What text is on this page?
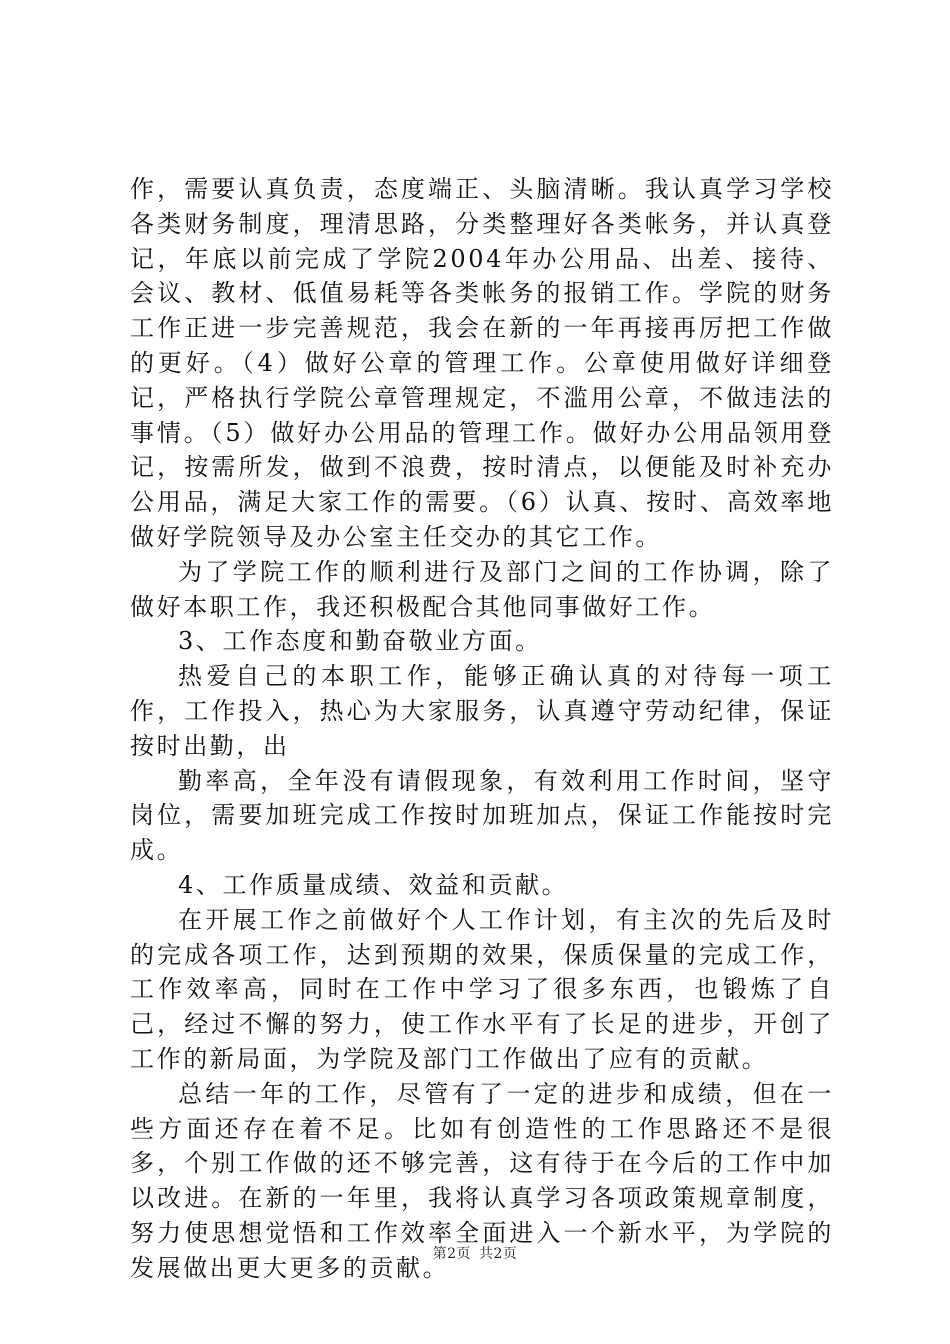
作，需要认真负责，态度端正、头脑清晰。我认真学习学校各类财务制度，理清思路，分类整理好各类帐务，并认真登记，年底以前完成了学院2004年办公用品、出差、接待、会议、教材、低值易耗等各类帐务的报销工作。学院的财务工作正进一步完善规范，我会在新的一年再接再厉把工作做的更好。（4）做好公章的管理工作。公章使用做好详细登记，严格执行学院公章管理规定，不滥用公章，不做违法的事情。（5）做好办公用品的管理工作。做好办公用品领用登记，按需所发，做到不浪费，按时清点，以便能及时补充办公用品，满足大家工作的需要。（6）认真、按时、高效率地做好学院领导及办公室主任交办的其它工作。

为了学院工作的顺利进行及部门之间的工作协调，除了做好本职工作，我还积极配合其他同事做好工作。

3、工作态度和勤奋敬业方面。

热爱自己的本职工作，能够正确认真的对待每一项工作，工作投入，热心为大家服务，认真遵守劳动纪律，保证按时出勤，出

勤率高，全年没有请假现象，有效利用工作时间，坚守岗位，需要加班完成工作按时加班加点，保证工作能按时完成。

4、工作质量成绩、效益和贡献。

在开展工作之前做好个人工作计划，有主次的先后及时的完成各项工作，达到预期的效果，保质保量的完成工作，工作效率高，同时在工作中学习了很多东西，也锻炼了自己，经过不懈的努力，使工作水平有了长足的进步，开创了工作的新局面，为学院及部门工作做出了应有的贡献。

总结一年的工作，尽管有了一定的进步和成绩，但在一些方面还存在着不足。比如有创造性的工作思路还不是很多，个别工作做的还不够完善，这有待于在今后的工作中加以改进。在新的一年里，我将认真学习各项政策规章制度，努力使思想觉悟和工作效率全面进入一个新水平，为学院的发展做出更大更多的贡献。

第2页 共2页
